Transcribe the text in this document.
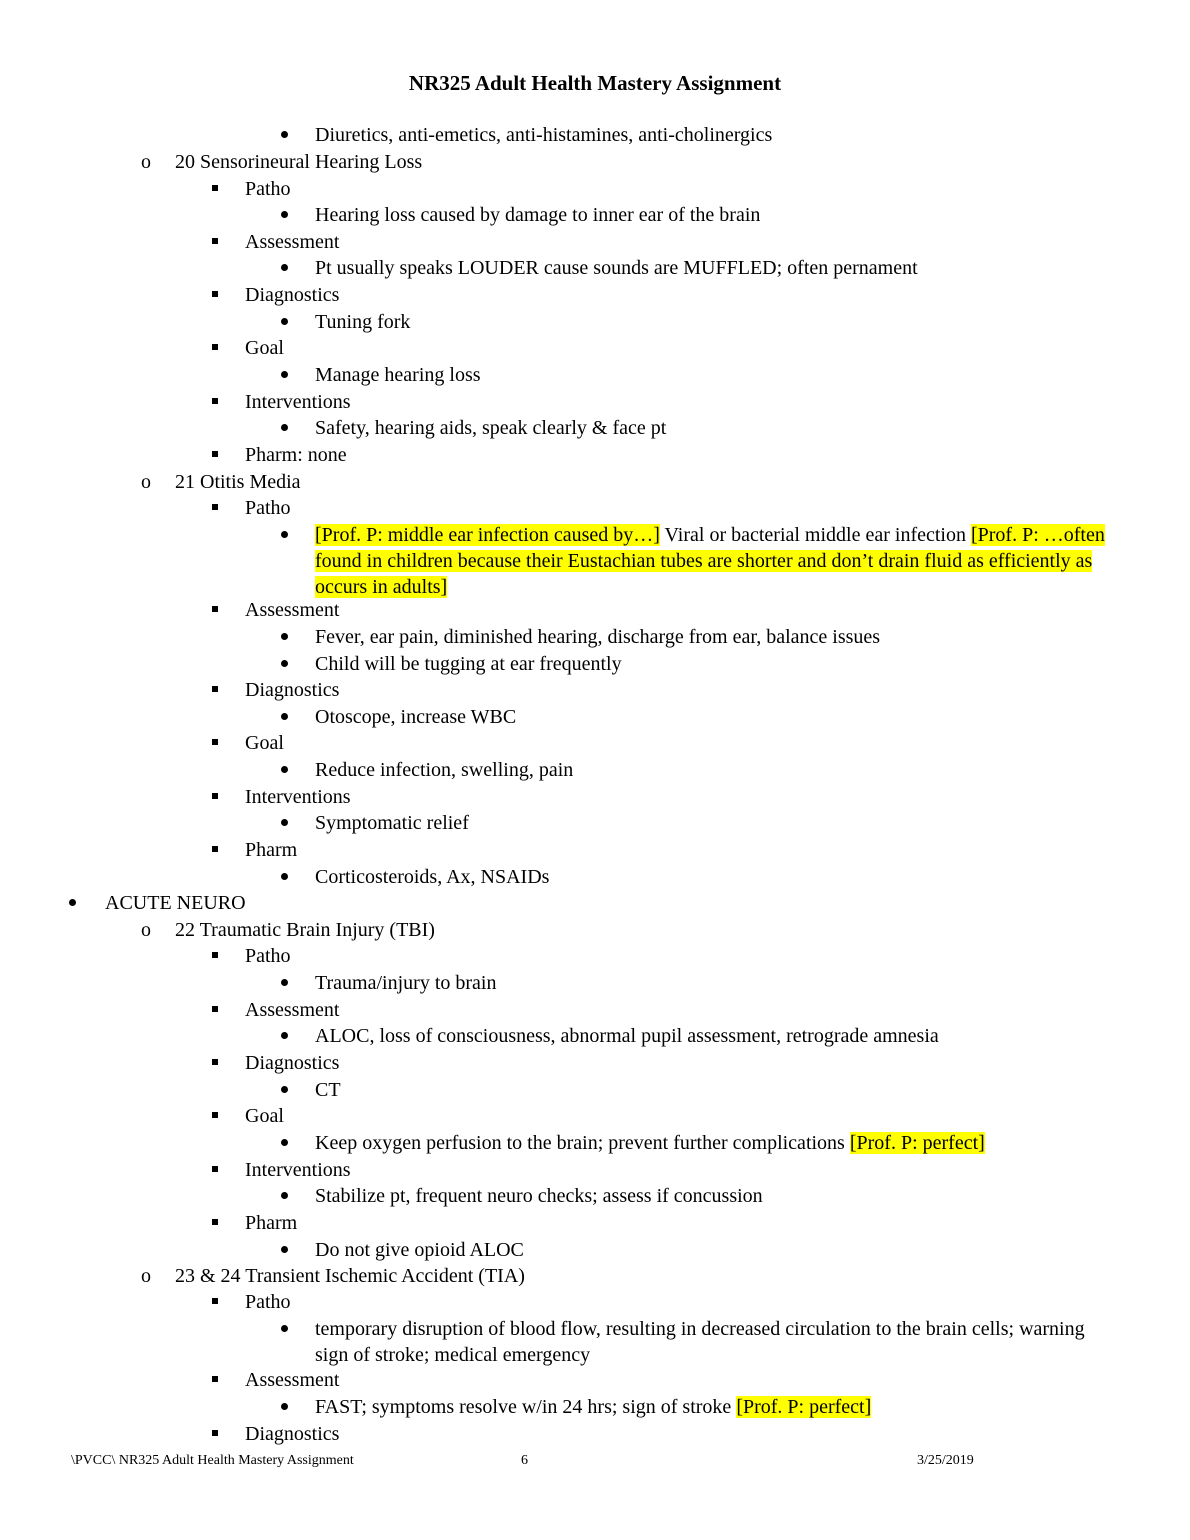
NR325 Adult Health Mastery Assignment
Diuretics, anti-emetics, anti-histamines, anti-cholinergics
o 20 Sensorineural Hearing Loss
Patho
Hearing loss caused by damage to inner ear of the brain
Assessment
Pt usually speaks LOUDER cause sounds are MUFFLED; often pernament
Diagnostics
Tuning fork
Goal
Manage hearing loss
Interventions
Safety, hearing aids, speak clearly & face pt
Pharm: none
o 21 Otitis Media
Patho
[Prof. P: middle ear infection caused by…] Viral or bacterial middle ear infection [Prof. P: …often found in children because their Eustachian tubes are shorter and don’t drain fluid as efficiently as occurs in adults]
Assessment
Fever, ear pain, diminished hearing, discharge from ear, balance issues
Child will be tugging at ear frequently
Diagnostics
Otoscope, increase WBC
Goal
Reduce infection, swelling, pain
Interventions
Symptomatic relief
Pharm
Corticosteroids, Ax, NSAIDs
ACUTE NEURO
o 22 Traumatic Brain Injury (TBI)
Patho
Trauma/injury to brain
Assessment
ALOC, loss of consciousness, abnormal pupil assessment, retrograde amnesia
Diagnostics
CT
Goal
Keep oxygen perfusion to the brain; prevent further complications [Prof. P: perfect]
Interventions
Stabilize pt, frequent neuro checks; assess if concussion
Pharm
Do not give opioid ALOC
o 23 & 24 Transient Ischemic Accident (TIA)
Patho
temporary disruption of blood flow, resulting in decreased circulation to the brain cells; warning sign of stroke; medical emergency
Assessment
FAST; symptoms resolve w/in 24 hrs; sign of stroke [Prof. P: perfect]
Diagnostics
\PVCC\ NR325 Adult Health Mastery Assignment	6	3/25/2019
